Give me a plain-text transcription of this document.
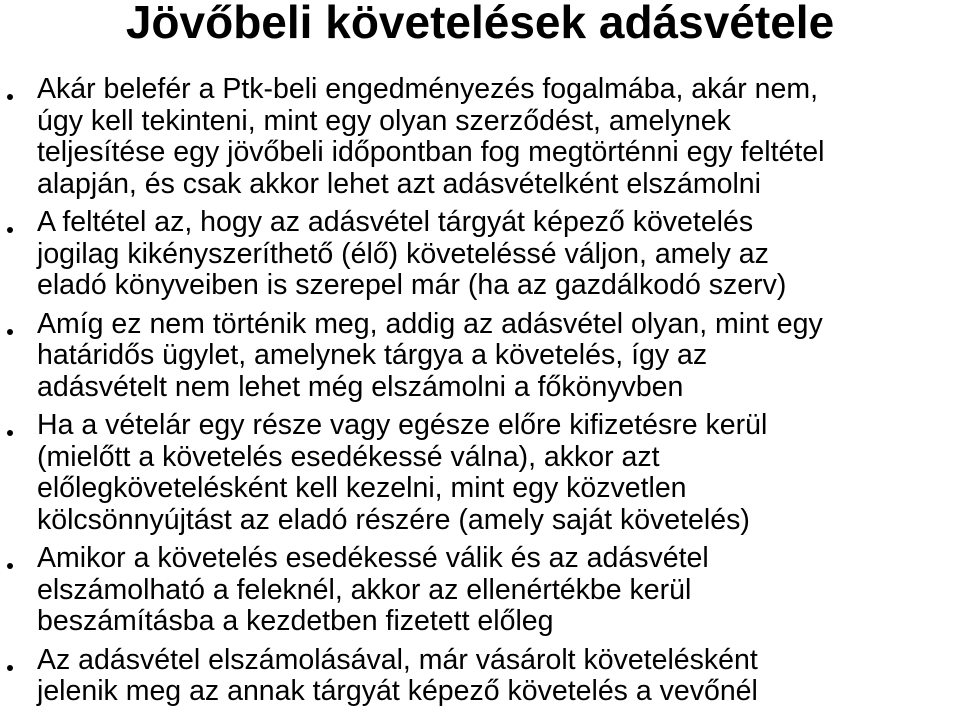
Jövőbeli követelések adásvétele
Akár belefér a Ptk-beli engedményezés fogalmába, akár nem,
úgy kell tekinteni, mint egy olyan szerződést, amelynek
teljesítése egy jövőbeli időpontban fog megtörténni egy feltétel
alapján, és csak akkor lehet azt adásvételként elszámolni
A feltétel az, hogy az adásvétel tárgyát képező követelés
jogilag kikényszeríthető (élő) követeléssé váljon, amely az
eladó könyveiben is szerepel már (ha az gazdálkodó szerv)
Amíg ez nem történik meg, addig az adásvétel olyan, mint egy
határidős ügylet, amelynek tárgya a követelés, így az
adásvételt nem lehet még elszámolni a főkönyvben
Ha a vételár egy része vagy egésze előre kifizetésre kerül
(mielőtt a követelés esedékessé válna), akkor azt
előlegkövetelésként kell kezelni, mint egy közvetlen
kölcsönnyújtást az eladó részére (amely saját követelés)
Amikor a követelés esedékessé válik és az adásvétel
elszámolható a feleknél, akkor az ellenértékbe kerül
beszámításba a kezdetben fizetett előleg
Az adásvétel elszámolásával, már vásárolt követelésként
jelenik meg az annak tárgyát képező követelés a vevőnél
